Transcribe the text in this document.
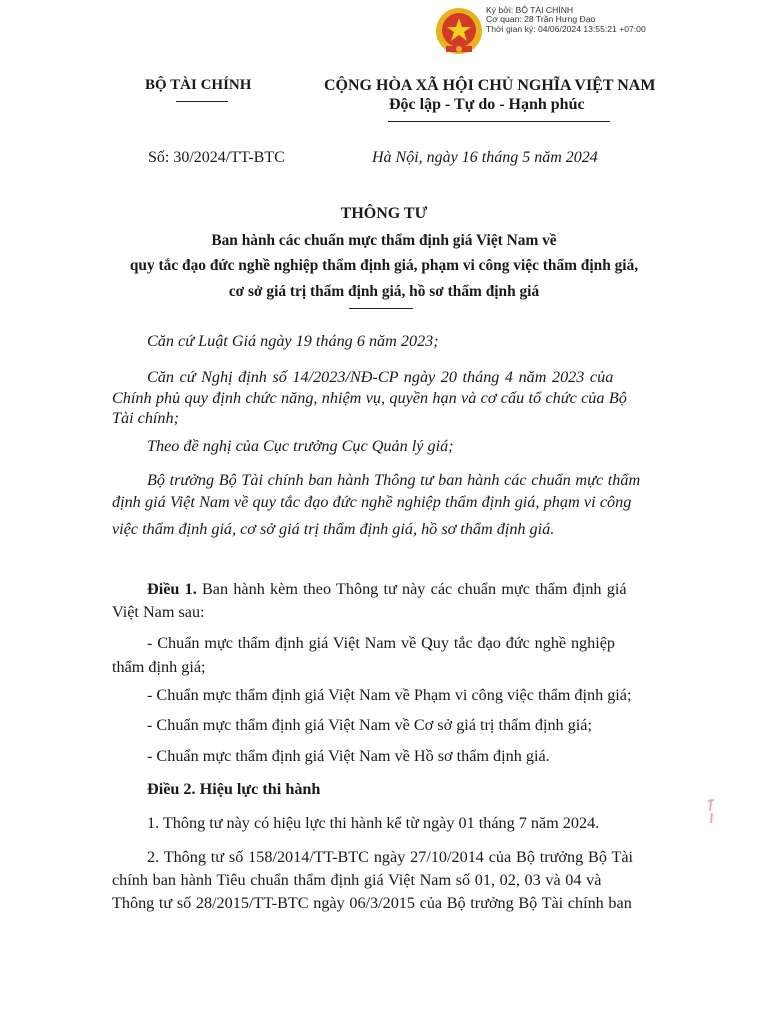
Ký bởi: BỘ TÀI CHÍNH
Cơ quan: 28 Trần Hưng Đạo
Thời gian ký: 04/06/2024 13:55:21 +07:00
BỘ TÀI CHÍNH	CỘNG HÒA XÃ HỘI CHỦ NGHĨA VIỆT NAM
Độc lập - Tự do - Hạnh phúc
Số: 30/2024/TT-BTC	Hà Nội, ngày 16 tháng 5 năm 2024
THÔNG TƯ
Ban hành các chuẩn mực thẩm định giá Việt Nam về
quy tắc đạo đức nghề nghiệp thẩm định giá, phạm vi công việc thẩm định giá,
cơ sở giá trị thẩm định giá, hồ sơ thẩm định giá
Căn cứ Luật Giá ngày 19 tháng 6 năm 2023;
Căn cứ Nghị định số 14/2023/NĐ-CP ngày 20 tháng 4 năm 2023 của
Chính phủ quy định chức năng, nhiệm vụ, quyền hạn và cơ cấu tổ chức của Bộ
Tài chính;
Theo đề nghị của Cục trưởng Cục Quản lý giá;
Bộ trưởng Bộ Tài chính ban hành Thông tư ban hành các chuẩn mực thẩm
định giá Việt Nam về quy tắc đạo đức nghề nghiệp thẩm định giá, phạm vi công
việc thẩm định giá, cơ sở giá trị thẩm định giá, hồ sơ thẩm định giá.
Điều 1. Ban hành kèm theo Thông tư này các chuẩn mực thẩm định giá
Việt Nam sau:
- Chuẩn mực thẩm định giá Việt Nam về Quy tắc đạo đức nghề nghiệp
thẩm định giá;
- Chuẩn mực thẩm định giá Việt Nam về Phạm vi công việc thẩm định giá;
- Chuẩn mực thẩm định giá Việt Nam về Cơ sở giá trị thẩm định giá;
- Chuẩn mực thẩm định giá Việt Nam về Hồ sơ thẩm định giá.
Điều 2. Hiệu lực thi hành
1. Thông tư này có hiệu lực thi hành kể từ ngày 01 tháng 7 năm 2024.
2. Thông tư số 158/2014/TT-BTC ngày 27/10/2014 của Bộ trưởng Bộ Tài
chính ban hành Tiêu chuẩn thẩm định giá Việt Nam số 01, 02, 03 và 04 và
Thông tư số 28/2015/TT-BTC ngày 06/3/2015 của Bộ trưởng Bộ Tài chính ban
